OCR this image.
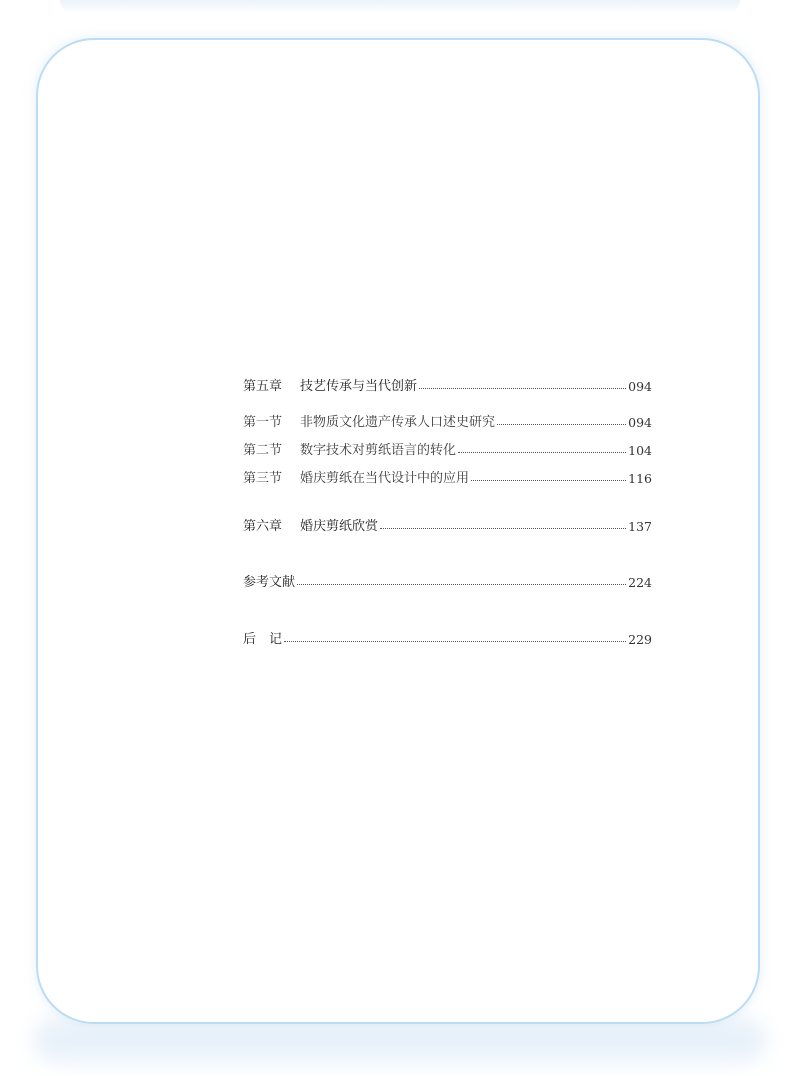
第五章	技艺传承与当代创新	094
第一节	非物质文化遗产传承人口述史研究	094
第二节	数字技术对剪纸语言的转化	104
第三节	婚庆剪纸在当代设计中的应用	116
第六章	婚庆剪纸欣赏	137
参考文献	224
后　记	229
